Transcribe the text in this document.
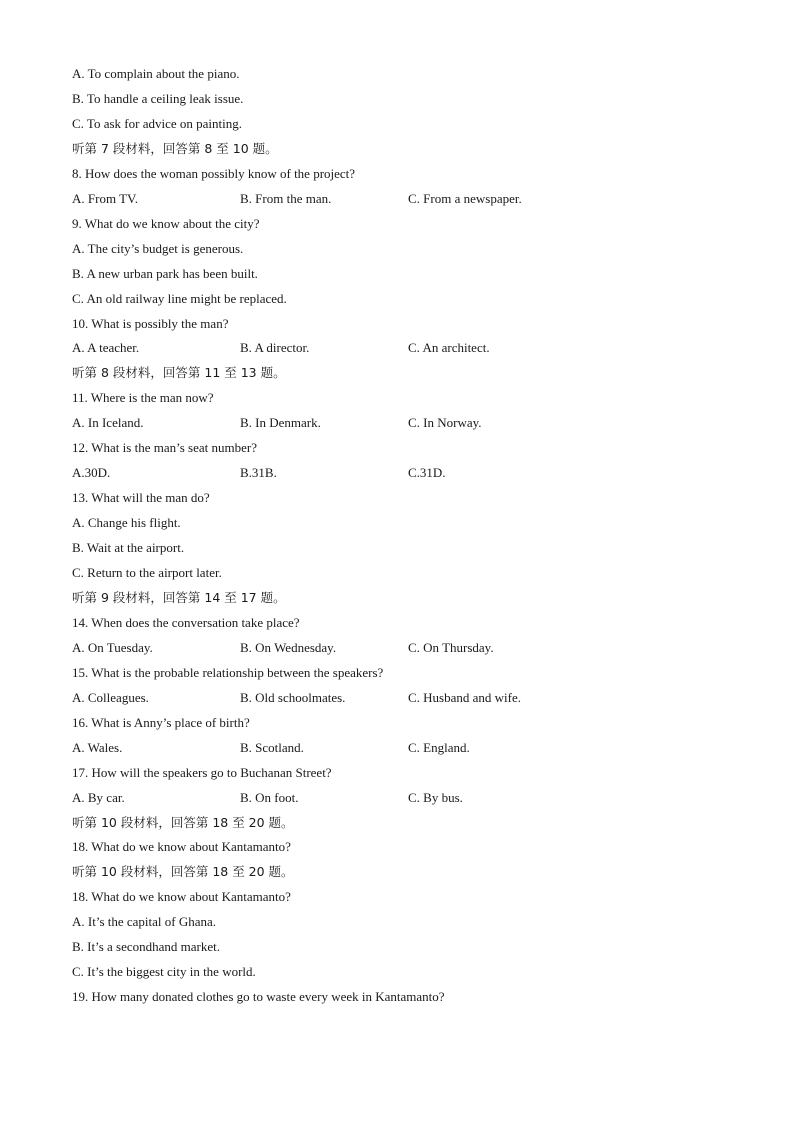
A. To complain about the piano.
B. To handle a ceiling leak issue.
C. To ask for advice on painting.
听第 7 段材料，回答第 8 至 10 题。
8. How does the woman possibly know of the project?
A. From TV.	B. From the man.	C. From a newspaper.
9. What do we know about the city?
A. The city’s budget is generous.
B. A new urban park has been built.
C. An old railway line might be replaced.
10. What is possibly the man?
A. A teacher.	B. A director.	C. An architect.
听第 8 段材料，回答第 11 至 13 题。
11. Where is the man now?
A. In Iceland.	B. In Denmark.	C. In Norway.
12. What is the man’s seat number?
A.30D.	B.31B.	C.31D.
13. What will the man do?
A. Change his flight.
B. Wait at the airport.
C. Return to the airport later.
听第 9 段材料，回答第 14 至 17 题。
14. When does the conversation take place?
A. On Tuesday.	B. On Wednesday.	C. On Thursday.
15. What is the probable relationship between the speakers?
A. Colleagues.	B. Old schoolmates.	C. Husband and wife.
16. What is Anny’s place of birth?
A. Wales.	B. Scotland.	C. England.
17. How will the speakers go to Buchanan Street?
A. By car.	B. On foot.	C. By bus.
听第 10 段材料，回答第 18 至 20 题。
18. What do we know about Kantamanto?
听第 10 段材料，回答第 18 至 20 题。
18. What do we know about Kantamanto?
A. It’s the capital of Ghana.
B. It’s a secondhand market.
C. It’s the biggest city in the world.
19. How many donated clothes go to waste every week in Kantamanto?
